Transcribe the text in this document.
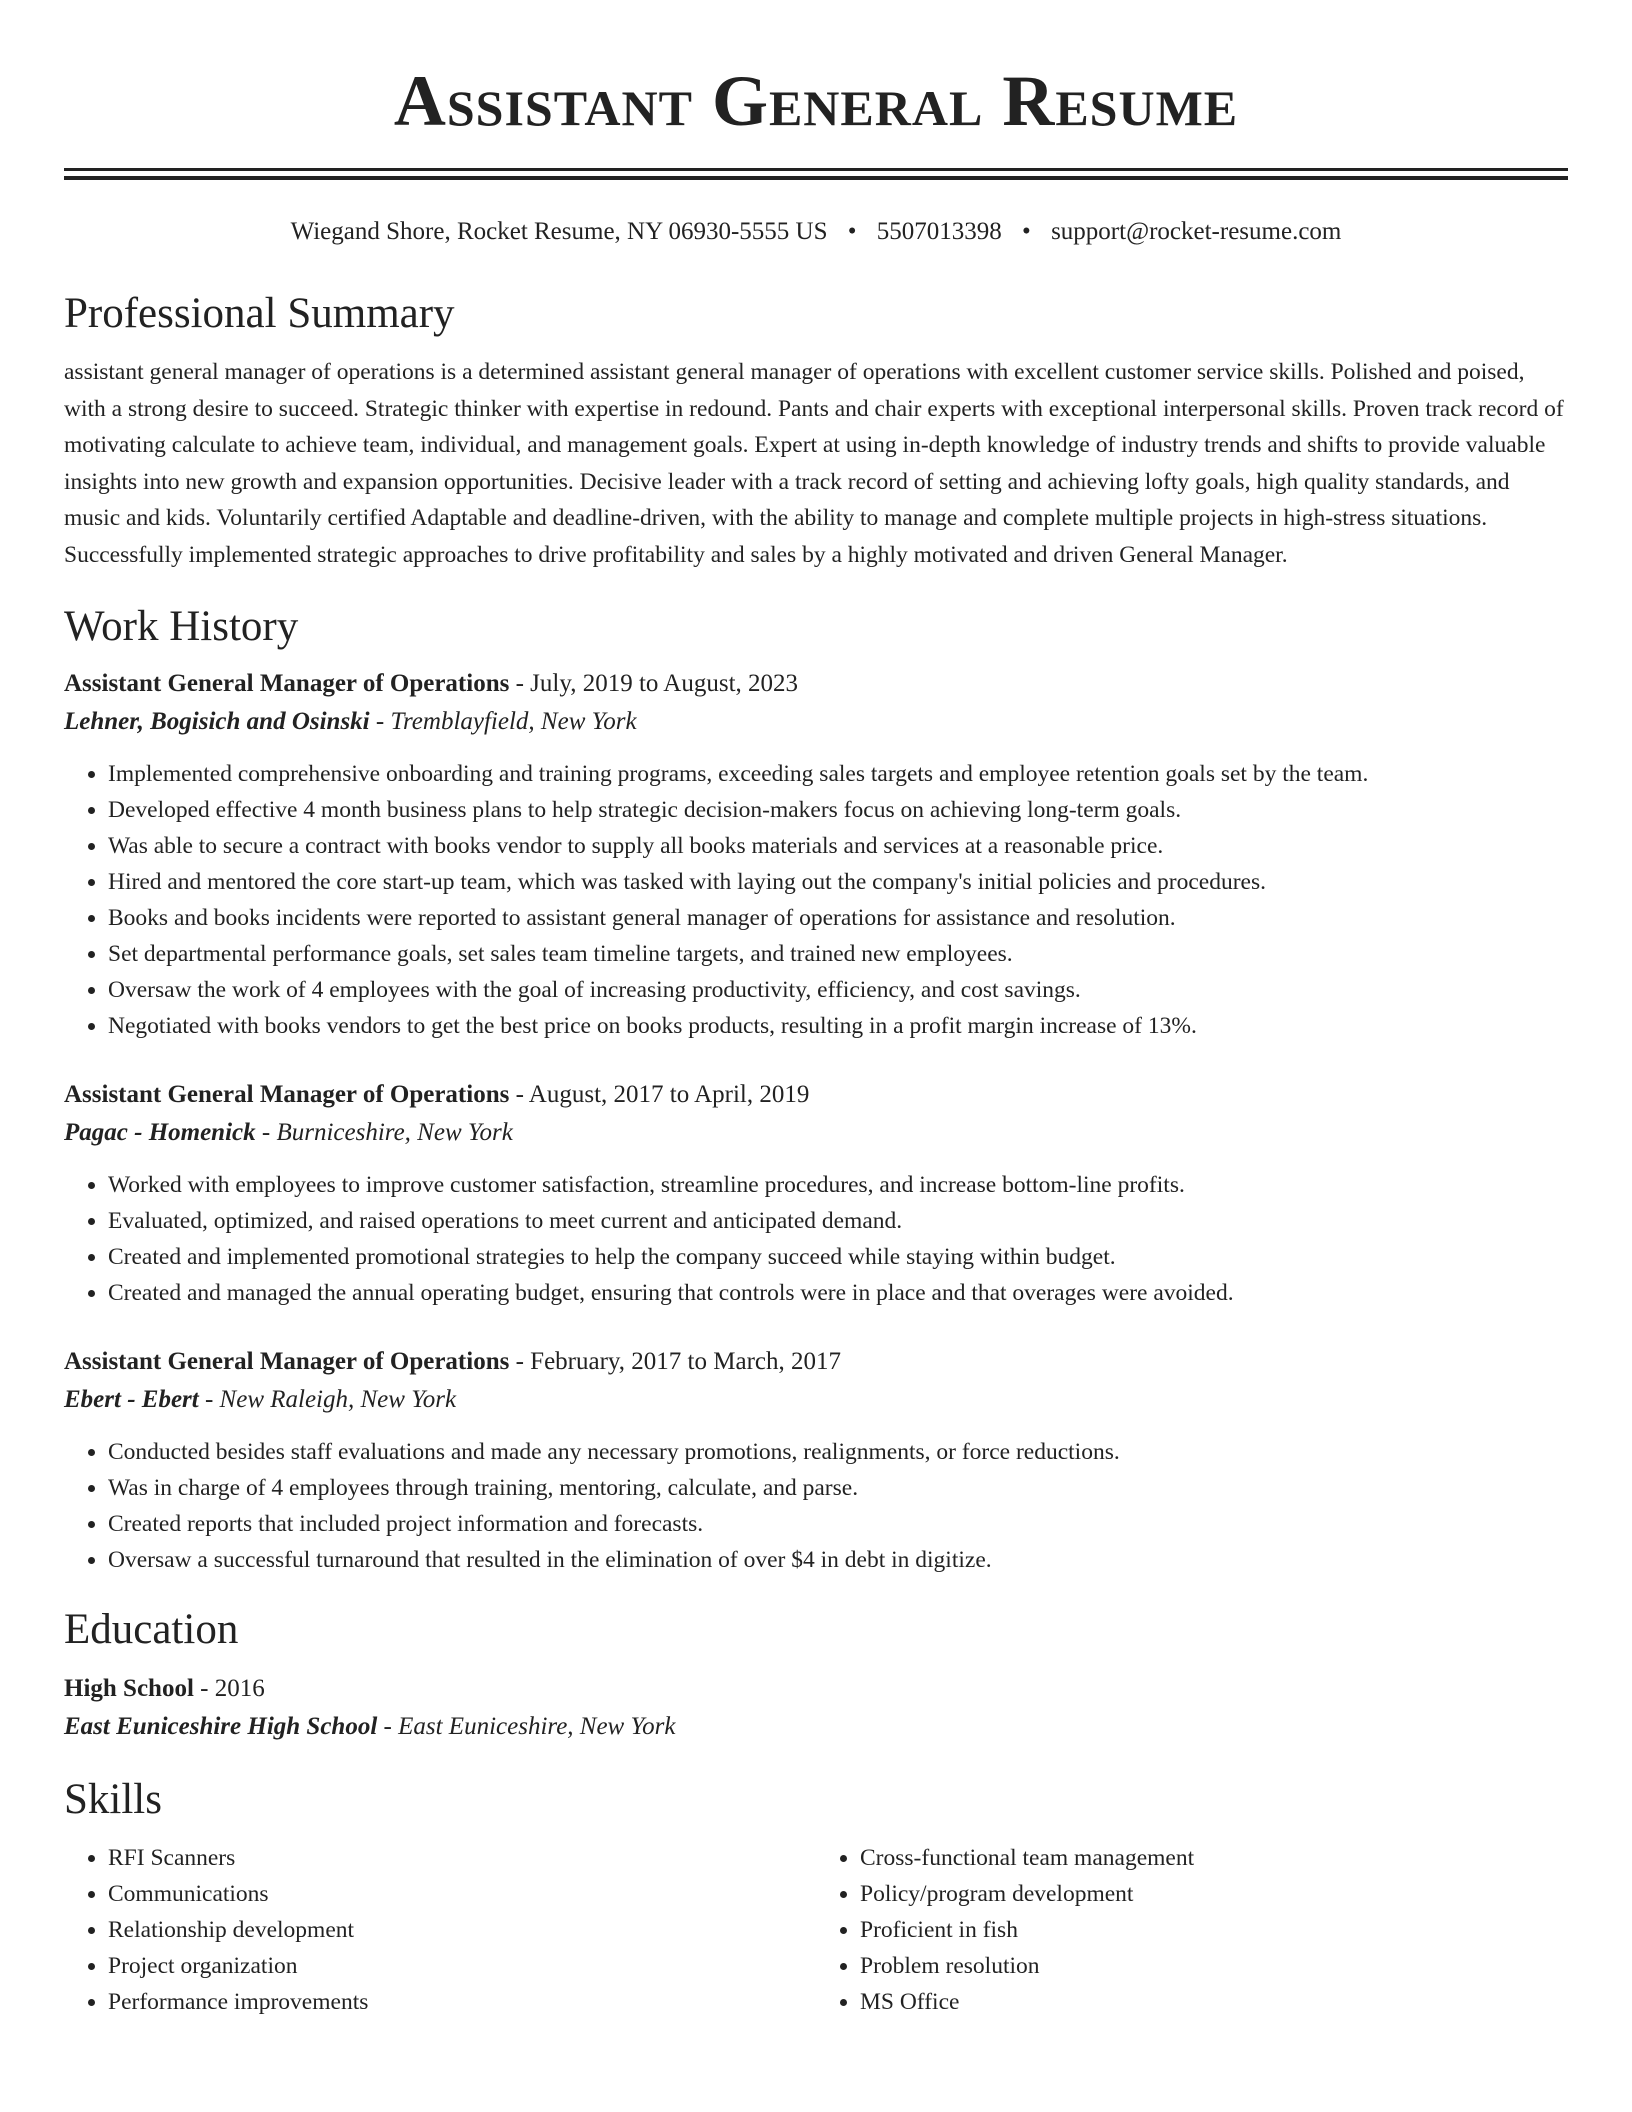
Assistant General Resume
Wiegand Shore, Rocket Resume, NY 06930-5555 US • 5507013398 • support@rocket-resume.com
Professional Summary
assistant general manager of operations is a determined assistant general manager of operations with excellent customer service skills. Polished and poised, with a strong desire to succeed. Strategic thinker with expertise in redound. Pants and chair experts with exceptional interpersonal skills. Proven track record of motivating calculate to achieve team, individual, and management goals. Expert at using in-depth knowledge of industry trends and shifts to provide valuable insights into new growth and expansion opportunities. Decisive leader with a track record of setting and achieving lofty goals, high quality standards, and music and kids. Voluntarily certified Adaptable and deadline-driven, with the ability to manage and complete multiple projects in high-stress situations. Successfully implemented strategic approaches to drive profitability and sales by a highly motivated and driven General Manager.
Work History
Assistant General Manager of Operations - July, 2019 to August, 2023
Lehner, Bogisich and Osinski - Tremblayfield, New York
• Implemented comprehensive onboarding and training programs, exceeding sales targets and employee retention goals set by the team.
• Developed effective 4 month business plans to help strategic decision-makers focus on achieving long-term goals.
• Was able to secure a contract with books vendor to supply all books materials and services at a reasonable price.
• Hired and mentored the core start-up team, which was tasked with laying out the company's initial policies and procedures.
• Books and books incidents were reported to assistant general manager of operations for assistance and resolution.
• Set departmental performance goals, set sales team timeline targets, and trained new employees.
• Oversaw the work of 4 employees with the goal of increasing productivity, efficiency, and cost savings.
• Negotiated with books vendors to get the best price on books products, resulting in a profit margin increase of 13%.
Assistant General Manager of Operations - August, 2017 to April, 2019
Pagac - Homenick - Burniceshire, New York
• Worked with employees to improve customer satisfaction, streamline procedures, and increase bottom-line profits.
• Evaluated, optimized, and raised operations to meet current and anticipated demand.
• Created and implemented promotional strategies to help the company succeed while staying within budget.
• Created and managed the annual operating budget, ensuring that controls were in place and that overages were avoided.
Assistant General Manager of Operations - February, 2017 to March, 2017
Ebert - Ebert - New Raleigh, New York
• Conducted besides staff evaluations and made any necessary promotions, realignments, or force reductions.
• Was in charge of 4 employees through training, mentoring, calculate, and parse.
• Created reports that included project information and forecasts.
• Oversaw a successful turnaround that resulted in the elimination of over $4 in debt in digitize.
Education
High School - 2016
East Euniceshire High School - East Euniceshire, New York
Skills
• RFI Scanners
• Communications
• Relationship development
• Project organization
• Performance improvements
• Cross-functional team management
• Policy/program development
• Proficient in fish
• Problem resolution
• MS Office
